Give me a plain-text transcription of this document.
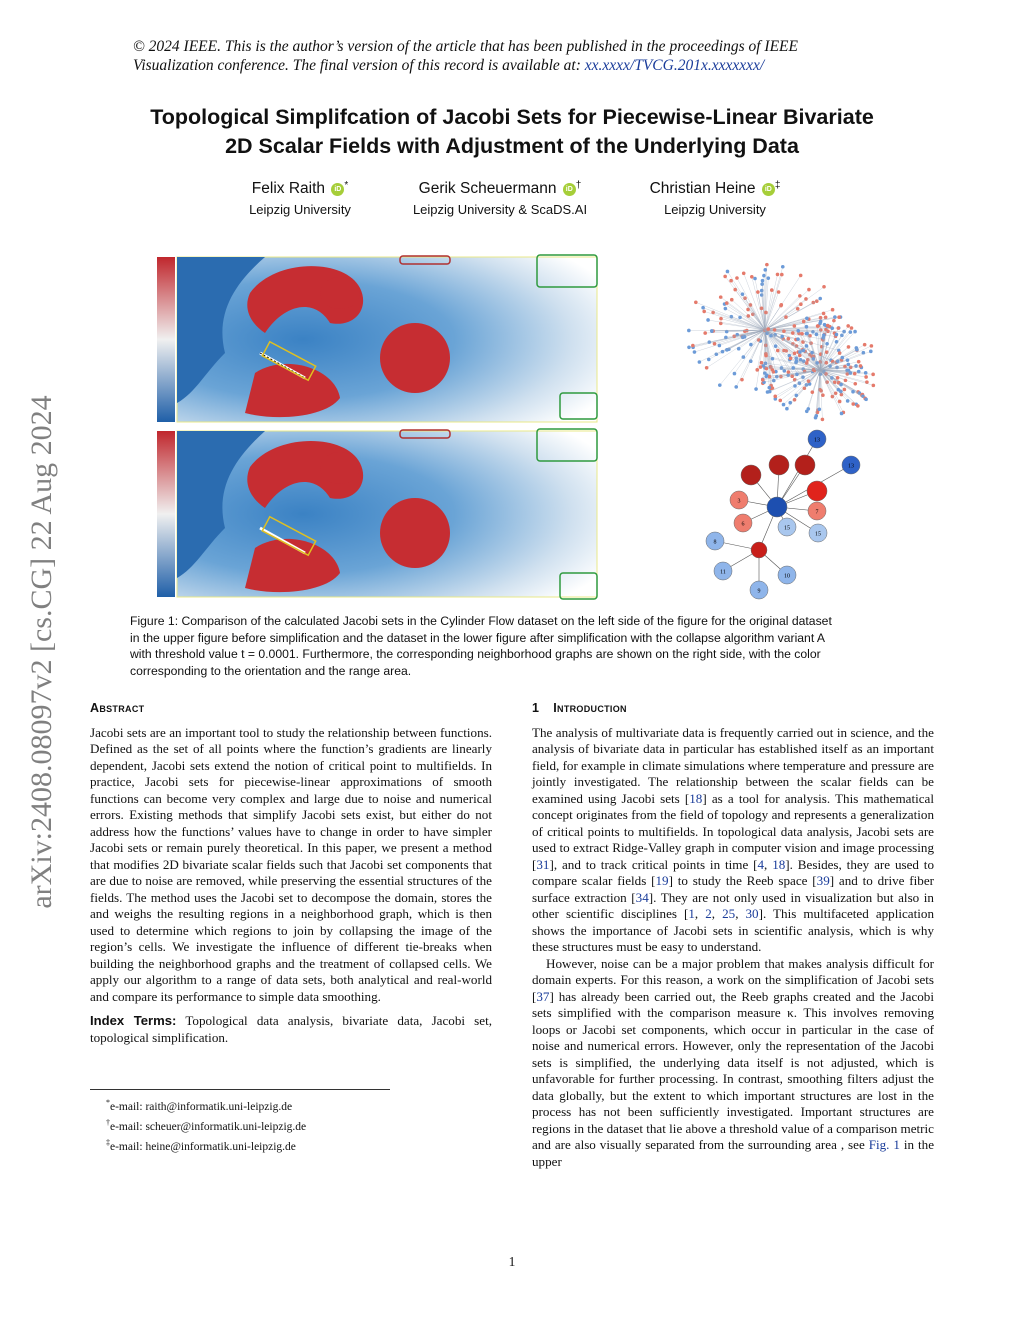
© 2024 IEEE. This is the author’s version of the article that has been published in the proceedings of IEEE
Visualization conference. The final version of this record is available at: xx.xxxx/TVCG.201x.xxxxxxx/
Topological Simplifcation of Jacobi Sets for Piecewise-Linear Bivariate
2D Scalar Fields with Adjustment of the Underlying Data
Felix Raith iD *
Leipzig University
Gerik Scheuermann iD †
Leipzig University & ScaDS.AI
Christian Heine iD ‡
Leipzig University
arXiv:2408.08097v2 [cs.CG] 22 Aug 2024	13
13
3
6
15
15
7
8
11
10
9
Figure 1: Comparison of the calculated Jacobi sets in the Cylinder Flow dataset on the left side of the figure for the original dataset
in the upper figure before simplification and the dataset in the lower figure after simplification with the collapse algorithm variant A
with threshold value t = 0.0001. Furthermore, the corresponding neighborhood graphs are shown on the right side, with the color
corresponding to the orientation and the range area.
Abstract

Jacobi sets are an important tool to study the relationship between functions. Defined as the set of all points where the function’s gradients are linearly dependent, Jacobi sets extend the notion of critical point to multifields. In practice, Jacobi sets for piecewise-linear approximations of smooth functions can become very complex and large due to noise and numerical errors. Existing methods that simplify Jacobi sets exist, but either do not address how the functions’ values have to change in order to have simpler Jacobi sets or remain purely theoretical. In this paper, we present a method that modifies 2D bivariate scalar fields such that Jacobi set components that are due to noise are removed, while preserving the essential structures of the fields. The method uses the Jacobi set to decompose the domain, stores the and weighs the resulting regions in a neighborhood graph, which is then used to determine which regions to join by collapsing the image of the region’s cells. We investigate the influence of different tie-breaks when building the neighborhood graphs and the treatment of collapsed cells. We apply our algorithm to a range of data sets, both analytical and real-world and compare its performance to simple data smoothing.

Index Terms: Topological data analysis, bivariate data, Jacobi set, topological simplification.

*e-mail: raith@informatik.uni-leipzig.de
†e-mail: scheuer@informatik.uni-leipzig.de
‡e-mail: heine@informatik.uni-leipzig.de
1 Introduction

The analysis of multivariate data is frequently carried out in science, and the analysis of bivariate data in particular has established itself as an important field, for example in climate simulations where temperature and pressure are jointly investigated. The relationship between the scalar fields can be examined using Jacobi sets [18] as a tool for analysis. This mathematical concept originates from the field of topology and represents a generalization of critical points to multifields. In topological data analysis, Jacobi sets are used to extract Ridge-Valley graph in computer vision and image processing [31], and to track critical points in time [4, 18]. Besides, they are used to compare scalar fields [19] to study the Reeb space [39] and to drive fiber surface extraction [34]. They are not only used in visualization but also in other scientific disciplines [1, 2, 25, 30]. This multifaceted application shows the importance of Jacobi sets in scientific analysis, which is why these structures must be easy to understand.

However, noise can be a major problem that makes analysis difficult for domain experts. For this reason, a work on the simplification of Jacobi sets [37] has already been carried out, the Reeb graphs created and the Jacobi sets simplified with the comparison measure κ. This involves removing loops or Jacobi set components, which occur in particular in the case of noise and numerical errors. However, only the representation of the Jacobi sets is simplified, the underlying data itself is not adjusted, which is unfavorable for further processing. In contrast, smoothing filters adjust the data globally, but the extent to which important structures are lost in the process has not been sufficiently investigated. Important structures are regions in the dataset that lie above a threshold value of a comparison metric and are also visually separated from the surrounding area , see Fig. 1 in the upper

1
